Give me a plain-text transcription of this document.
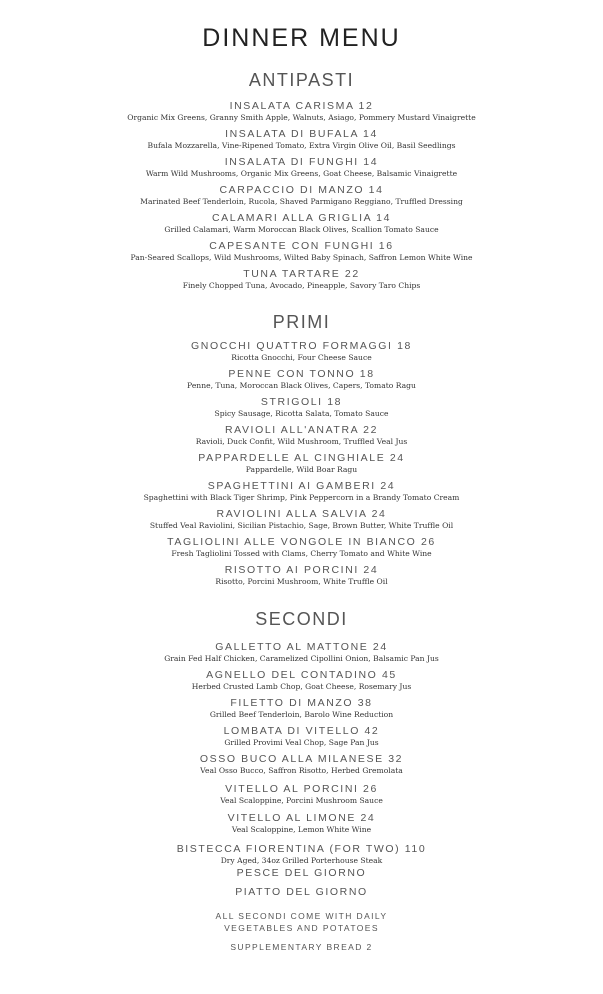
DINNER MENU
ANTIPASTI
INSALATA CARISMA 12
Organic Mix Greens, Granny Smith Apple, Walnuts, Asiago, Pommery Mustard Vinaigrette
INSALATA DI BUFALA 14
Bufala Mozzarella, Vine-Ripened Tomato, Extra Virgin Olive Oil, Basil Seedlings
INSALATA DI FUNGHI 14
Warm Wild Mushrooms, Organic Mix Greens, Goat Cheese, Balsamic Vinaigrette
CARPACCIO DI MANZO 14
Marinated Beef Tenderloin, Rucola, Shaved Parmigano Reggiano, Truffled Dressing
CALAMARI ALLA GRIGLIA 14
Grilled Calamari, Warm Moroccan Black Olives, Scallion Tomato Sauce
CAPESANTE CON FUNGHI 16
Pan-Seared Scallops, Wild Mushrooms, Wilted Baby Spinach, Saffron Lemon White Wine
TUNA TARTARE 22
Finely Chopped Tuna, Avocado, Pineapple, Savory Taro Chips
PRIMI
GNOCCHI QUATTRO FORMAGGI 18
Ricotta Gnocchi, Four Cheese Sauce
PENNE CON TONNO 18
Penne, Tuna, Moroccan Black Olives, Capers, Tomato Ragu
STRIGOLI 18
Spicy Sausage, Ricotta Salata, Tomato Sauce
RAVIOLI ALL'ANATRA 22
Ravioli, Duck Confit, Wild Mushroom, Truffled Veal Jus
PAPPARDELLE AL CINGHIALE 24
Pappardelle, Wild Boar Ragu
SPAGHETTINI AI GAMBERI 24
Spaghettini with Black Tiger Shrimp, Pink Peppercorn in a Brandy Tomato Cream
RAVIOLINI ALLA SALVIA 24
Stuffed Veal Raviolini, Sicilian Pistachio, Sage, Brown Butter, White Truffle Oil
TAGLIOLINI ALLE VONGOLE IN BIANCO 26
Fresh Tagliolini Tossed with Clams, Cherry Tomato and White Wine
RISOTTO AI PORCINI 24
Risotto, Porcini Mushroom, White Truffle Oil
SECONDI
GALLETTO AL MATTONE 24
Grain Fed Half Chicken, Caramelized Cipollini Onion, Balsamic Pan Jus
AGNELLO DEL CONTADINO 45
Herbed Crusted Lamb Chop, Goat Cheese, Rosemary Jus
FILETTO DI MANZO 38
Grilled Beef Tenderloin, Barolo Wine Reduction
LOMBATA DI VITELLO 42
Grilled Provimi Veal Chop, Sage Pan Jus
OSSO BUCO ALLA MILANESE 32
Veal Osso Bucco, Saffron Risotto, Herbed Gremolata
VITELLO AL PORCINI 26
Veal Scaloppine, Porcini Mushroom Sauce
VITELLO AL LIMONE 24
Veal Scaloppine, Lemon White Wine
BISTECCA FIORENTINA (FOR TWO) 110
Dry Aged, 34oz Grilled Porterhouse Steak
PESCE DEL GIORNO
PIATTO DEL GIORNO
ALL SECONDI COME WITH DAILY
VEGETABLES AND POTATOES
SUPPLEMENTARY BREAD 2
